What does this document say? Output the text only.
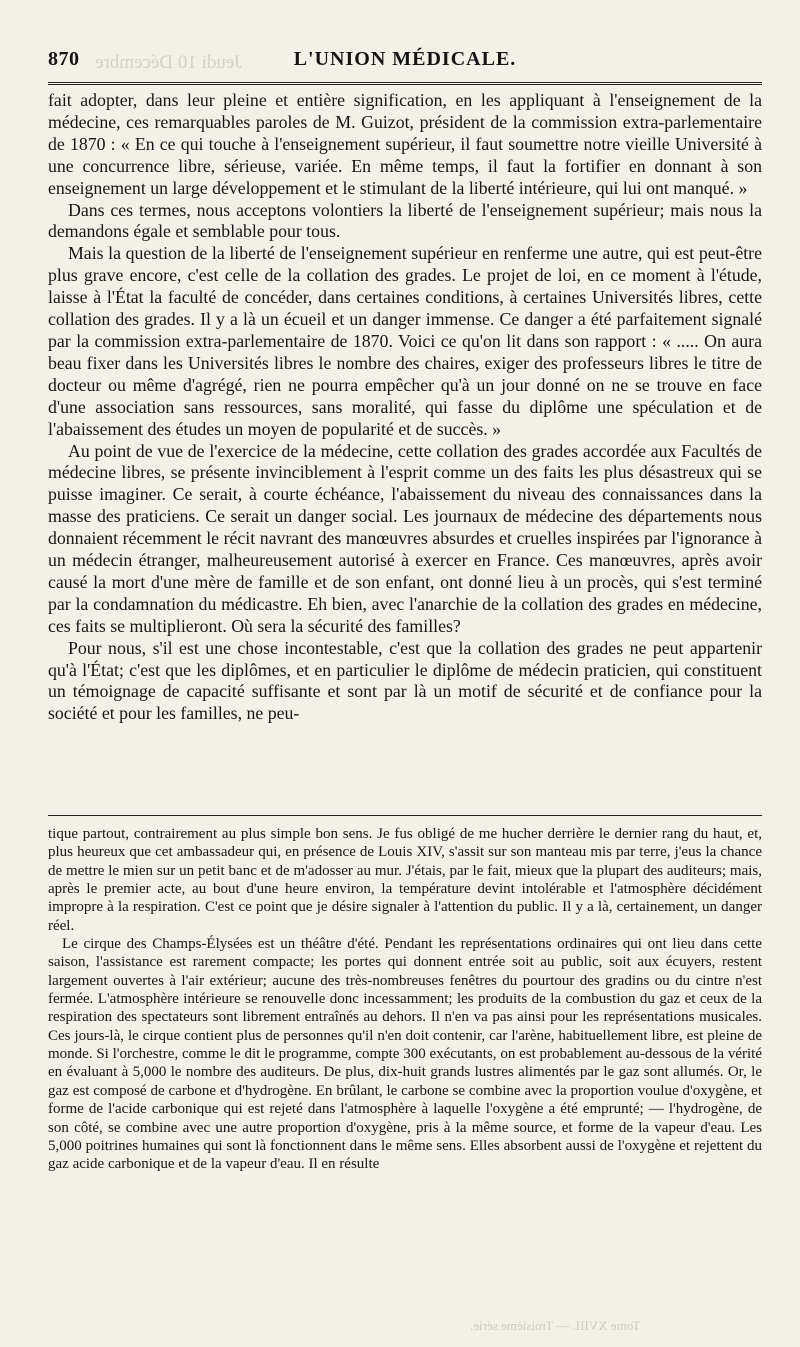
Jeudi 10 Décembre
870	L'UNION MÉDICALE.

fait adopter, dans leur pleine et entière signification, en les appliquant à l'enseignement de la médecine, ces remarquables paroles de M. Guizot, président de la commission extra-parlementaire de 1870 : « En ce qui touche à l'enseignement supérieur, il faut soumettre notre vieille Université à une concurrence libre, sérieuse, variée. En même temps, il faut la fortifier en donnant à son enseignement un large développement et le stimulant de la liberté intérieure, qui lui ont manqué. »

Dans ces termes, nous acceptons volontiers la liberté de l'enseignement supérieur; mais nous la demandons égale et semblable pour tous.

Mais la question de la liberté de l'enseignement supérieur en renferme une autre, qui est peut-être plus grave encore, c'est celle de la collation des grades. Le projet de loi, en ce moment à l'étude, laisse à l'État la faculté de concéder, dans certaines conditions, à certaines Universités libres, cette collation des grades. Il y a là un écueil et un danger immense. Ce danger a été parfaitement signalé par la commission extra-parlementaire de 1870. Voici ce qu'on lit dans son rapport : « ..... On aura beau fixer dans les Universités libres le nombre des chaires, exiger des professeurs libres le titre de docteur ou même d'agrégé, rien ne pourra empêcher qu'à un jour donné on ne se trouve en face d'une association sans ressources, sans moralité, qui fasse du diplôme une spéculation et de l'abaissement des études un moyen de popularité et de succès. »

Au point de vue de l'exercice de la médecine, cette collation des grades accordée aux Facultés de médecine libres, se présente invinciblement à l'esprit comme un des faits les plus désastreux qui se puisse imaginer. Ce serait, à courte échéance, l'abaissement du niveau des connaissances dans la masse des praticiens. Ce serait un danger social. Les journaux de médecine des départements nous donnaient récemment le récit navrant des manœuvres absurdes et cruelles inspirées par l'ignorance à un médecin étranger, malheureusement autorisé à exercer en France. Ces manœuvres, après avoir causé la mort d'une mère de famille et de son enfant, ont donné lieu à un procès, qui s'est terminé par la condamnation du médicastre. Eh bien, avec l'anarchie de la collation des grades en médecine, ces faits se multiplieront. Où sera la sécurité des familles?

Pour nous, s'il est une chose incontestable, c'est que la collation des grades ne peut appartenir qu'à l'État; c'est que les diplômes, et en particulier le diplôme de médecin praticien, qui constituent un témoignage de capacité suffisante et sont par là un motif de sécurité et de confiance pour la société et pour les familles, ne peu-

tique partout, contrairement au plus simple bon sens. Je fus obligé de me hucher derrière le dernier rang du haut, et, plus heureux que cet ambassadeur qui, en présence de Louis XIV, s'assit sur son manteau mis par terre, j'eus la chance de mettre le mien sur un petit banc et de m'adosser au mur. J'étais, par le fait, mieux que la plupart des auditeurs; mais, après le premier acte, au bout d'une heure environ, la température devint intolérable et l'atmosphère décidément impropre à la respiration. C'est ce point que je désire signaler à l'attention du public. Il y a là, certainement, un danger réel.

Le cirque des Champs-Élysées est un théâtre d'été. Pendant les représentations ordinaires qui ont lieu dans cette saison, l'assistance est rarement compacte; les portes qui donnent entrée soit au public, soit aux écuyers, restent largement ouvertes à l'air extérieur; aucune des très-nombreuses fenêtres du pourtour des gradins ou du cintre n'est fermée. L'atmosphère intérieure se renouvelle donc incessamment; les produits de la combustion du gaz et ceux de la respiration des spectateurs sont librement entraînés au dehors. Il n'en va pas ainsi pour les représentations musicales. Ces jours-là, le cirque contient plus de personnes qu'il n'en doit contenir, car l'arène, habituellement libre, est pleine de monde. Si l'orchestre, comme le dit le programme, compte 300 exécutants, on est probablement au-dessous de la vérité en évaluant à 5,000 le nombre des auditeurs. De plus, dix-huit grands lustres alimentés par le gaz sont allumés. Or, le gaz est composé de carbone et d'hydrogène. En brûlant, le carbone se combine avec la proportion voulue d'oxygène, et forme de l'acide carbonique qui est rejeté dans l'atmosphère à laquelle l'oxygène a été emprunté; — l'hydrogène, de son côté, se combine avec une autre proportion d'oxygène, pris à la même source, et forme de la vapeur d'eau. Les 5,000 poitrines humaines qui sont là fonctionnent dans le même sens. Elles absorbent aussi de l'oxygène et rejettent du gaz acide carbonique et de la vapeur d'eau. Il en résulte

Tome XVIII. — Troisième série.
